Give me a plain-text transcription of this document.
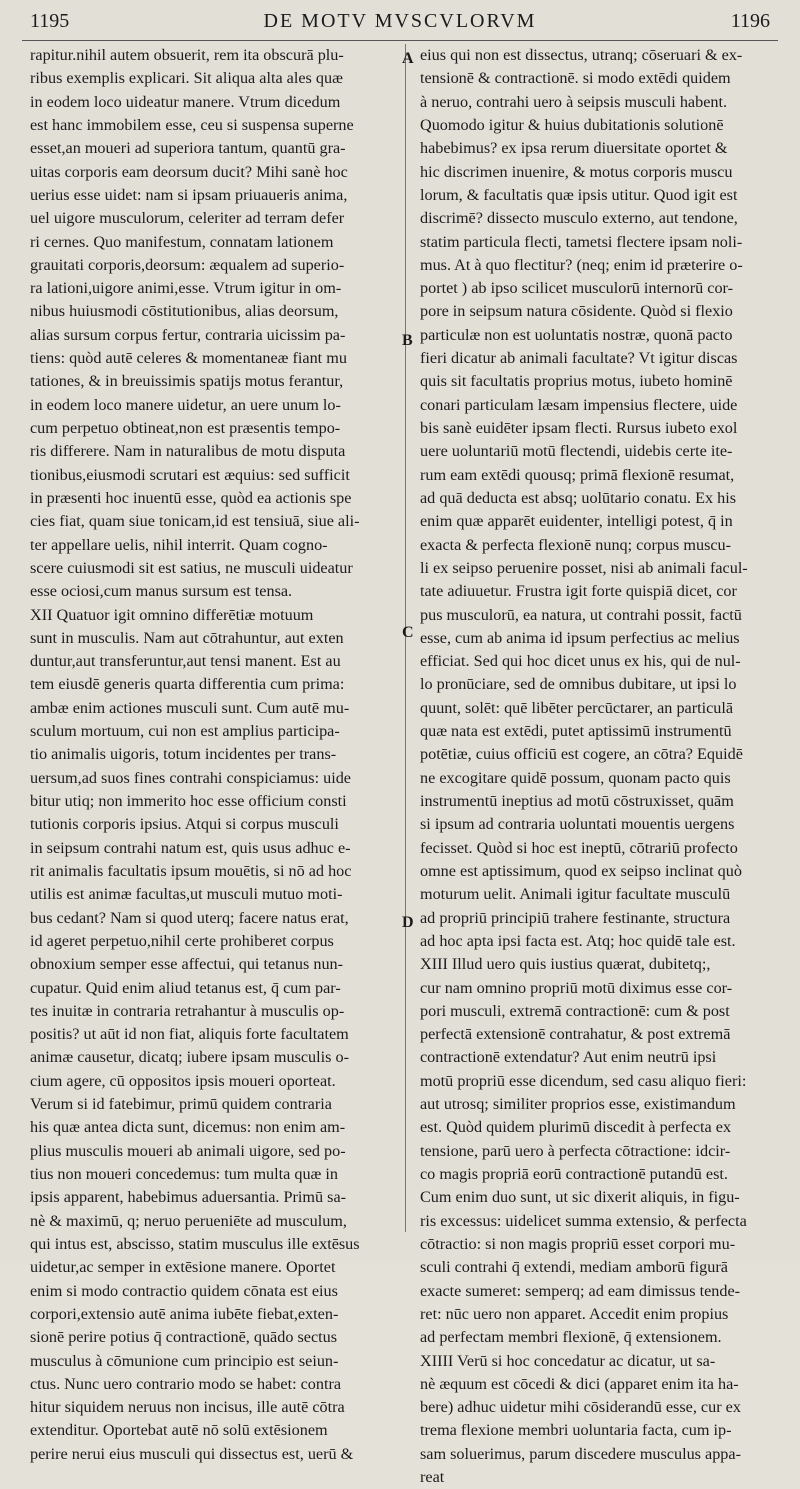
1195	DE MOTV MVSCVLORVM	1196

rapitur.nihil autem obsuerit, rem ita obscurā plu-

ribus exemplis explicari. Sit aliqua alta ales quæ

in eodem loco uideatur manere. Vtrum dicedum

est hanc immobilem esse, ceu si suspensa superne

esset,an moueri ad superiora tantum, quantū gra-

uitas corporis eam deorsum ducit? Mihi sanè hoc

uerius esse uidet: nam si ipsam priuaueris anima,

uel uigore musculorum, celeriter ad terram defer

ri cernes. Quo manifestum, connatam lationem

grauitati corporis,deorsum: æqualem ad superio-

ra lationi,uigore animi,esse. Vtrum igitur in om-

nibus huiusmodi cōstitutionibus, alias deorsum,

alias sursum corpus fertur, contraria uicissim pa-

tiens: quòd autē celeres & momentaneæ fiant mu

tationes, & in breuissimis spatijs motus ferantur,

in eodem loco manere uidetur, an uere unum lo-

cum perpetuo obtineat,non est præsentis tempo-

ris differere. Nam in naturalibus de motu disputa

tionibus,eiusmodi scrutari est æquius: sed sufficit

in præsenti hoc inuentū esse, quòd ea actionis spe

cies fiat, quam siue tonicam,id est tensiuā, siue ali-

ter appellare uelis, nihil interrit. Quam cogno-

scere cuiusmodi sit est satius, ne musculi uideatur

esse ociosi,cum manus sursum est tensa.

XII Quatuor igit omnino differētiæ motuum

sunt in musculis. Nam aut cōtrahuntur, aut exten

duntur,aut transferuntur,aut tensi manent. Est au

tem eiusdē generis quarta differentia cum prima:

ambæ enim actiones musculi sunt. Cum autē mu-

sculum mortuum, cui non est amplius participa-

tio animalis uigoris, totum incidentes per trans-

uersum,ad suos fines contrahi conspiciamus: uide

bitur utiq; non immerito hoc esse officium consti

tutionis corporis ipsius. Atqui si corpus musculi

in seipsum contrahi natum est, quis usus adhuc e-

rit animalis facultatis ipsum mouētis, si nō ad hoc

utilis est animæ facultas,ut musculi mutuo moti-

bus cedant? Nam si quod uterq; facere natus erat,

id ageret perpetuo,nihil certe prohiberet corpus

obnoxium semper esse affectui, qui tetanus nun-

cupatur. Quid enim aliud tetanus est, q̄ cum par-

tes inuitæ in contraria retrahantur à musculis op-

positis? ut aūt id non fiat, aliquis forte facultatem

animæ causetur, dicatq; iubere ipsam musculis o-

cium agere, cū oppositos ipsis moueri oporteat.

Verum si id fatebimur, primū quidem contraria

his quæ antea dicta sunt, dicemus: non enim am-

plius musculis moueri ab animali uigore, sed po-

tius non moueri concedemus: tum multa quæ in

ipsis apparent, habebimus aduersantia. Primū sa-

nè & maximū, q; neruo perueniēte ad musculum,

qui intus est, abscisso, statim musculus ille extēsus

uidetur,ac semper in extēsione manere. Oportet

enim si modo contractio quidem cōnata est eius

corpori,extensio autē anima iubēte fiebat,exten-

sionē perire potius q̄ contractionē, quādo sectus

musculus à cōmunione cum principio est seiun-

ctus. Nunc uero contrario modo se habet: contra

hitur siquidem neruus non incisus, ille autē cōtra

extenditur. Oportebat autē nō solū extēsionem

perire nerui eius musculi qui dissectus est, uerū &

A
B
C
D

eius qui non est dissectus, utranq; cōseruari & ex-

tensionē & contractionē. si modo extēdi quidem

à neruo, contrahi uero à seipsis musculi habent.

Quomodo igitur & huius dubitationis solutionē

habebimus? ex ipsa rerum diuersitate oportet &

hic discrimen inuenire, & motus corporis muscu

lorum, & facultatis quæ ipsis utitur. Quod igit est

discrimē? dissecto musculo externo, aut tendone,

statim particula flecti, tametsi flectere ipsam noli-

mus. At à quo flectitur? (neq; enim id præterire o-

portet ) ab ipso scilicet musculorū internorū cor-

pore in seipsum natura cōsidente. Quòd si flexio

particulæ non est uoluntatis nostræ, quonā pacto

fieri dicatur ab animali facultate? Vt igitur discas

quis sit facultatis proprius motus, iubeto hominē

conari particulam læsam impensius flectere, uide

bis sanè euidēter ipsam flecti. Rursus iubeto exol

uere uoluntariū motū flectendi, uidebis certe ite-

rum eam extēdi quousq; primā flexionē resumat,

ad quā deducta est absq; uolūtario conatu. Ex his

enim quæ apparēt euidenter, intelligi potest, q̄ in

exacta & perfecta flexionē nunq; corpus muscu-

li ex seipso peruenire posset, nisi ab animali facul-

tate adiuuetur. Frustra igit forte quispiā dicet, cor

pus musculorū, ea natura, ut contrahi possit, factū

esse, cum ab anima id ipsum perfectius ac melius

efficiat. Sed qui hoc dicet unus ex his, qui de nul-

lo pronūciare, sed de omnibus dubitare, ut ipsi lo

quunt, solēt: quē libēter percūctarer, an particulā

quæ nata est extēdi, putet aptissimū instrumentū

potētiæ, cuius officiū est cogere, an cōtra? Equidē

ne excogitare quidē possum, quonam pacto quis

instrumentū ineptius ad motū cōstruxisset, quām

si ipsum ad contraria uoluntati mouentis uergens

fecisset. Quòd si hoc est ineptū, cōtrariū profecto

omne est aptissimum, quod ex seipso inclinat quò

moturum uelit. Animali igitur facultate musculū

ad propriū principiū trahere festinante, structura

ad hoc apta ipsi facta est. Atq; hoc quidē tale est.

XIII Illud uero quis iustius quærat, dubitetq;,

cur nam omnino propriū motū diximus esse cor-

pori musculi, extremā contractionē: cum & post

perfectā extensionē contrahatur, & post extremā

contractionē extendatur? Aut enim neutrū ipsi

motū propriū esse dicendum, sed casu aliquo fieri:

aut utrosq; similiter proprios esse, existimandum

est. Quòd quidem plurimū discedit à perfecta ex

tensione, parū uero à perfecta cōtractione: idcir-

co magis propriā eorū contractionē putandū est.

Cum enim duo sunt, ut sic dixerit aliquis, in figu-

ris excessus: uidelicet summa extensio, & perfecta

cōtractio: si non magis propriū esset corpori mu-

sculi contrahi q̄ extendi, mediam amborū figurā

exacte sumeret: semperq; ad eam dimissus tende-

ret: nūc uero non apparet. Accedit enim propius

ad perfectam membri flexionē, q̄ extensionem.

XIIII Verū si hoc concedatur ac dicatur, ut sa-

nè æquum est cōcedi & dici (apparet enim ita ha-

bere) adhuc uidetur mihi cōsiderandū esse, cur ex

trema flexione membri uoluntaria facta, cum ip-

sam soluerimus, parum discedere musculus appa-

reat
